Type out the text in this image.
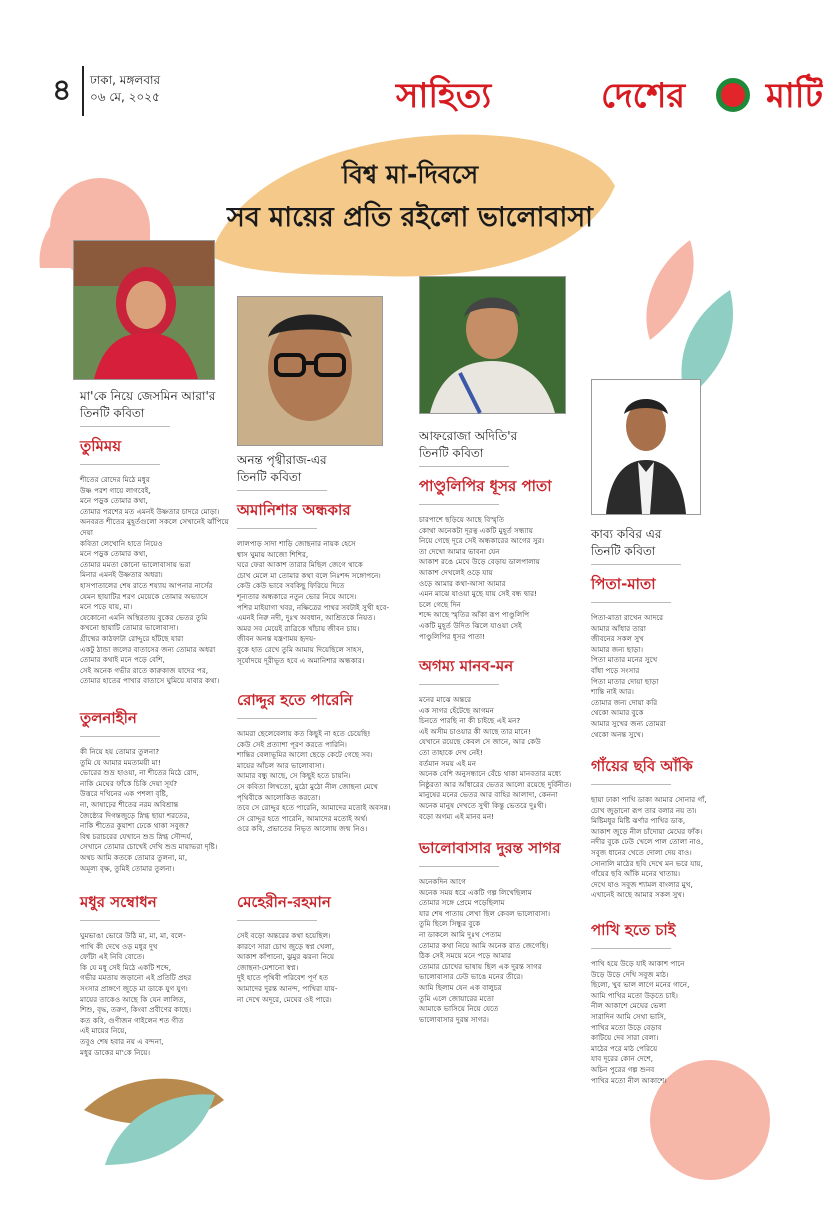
৪ ঢাকা, মঙ্গলবার
০৬ মে, ২০২৫	সাহিত্য	দেশের মাটি
বিশ্ব মা-দিবসে
সব মায়ের প্রতি রইলো ভালোবাসা
মা'কে নিয়ে জেসমিন আরা'র
তিনটি কবিতা
তুমিময়
শীতের রোদের মিঠে মধুর
উষ্ণ পরশ গায়ে লাগবেই,
মনে পড়ুক তোমার কথা,
তোমার পরশের মত এমনই উষ্ণতার চাদরে মোড়া।
অনবরত শীতের মুহূর্তগুলো সকলে সেখানেই ঝাঁপিয়ে দেয়া
কবিতা লেখোনি হাতে নিয়েও
মনে পড়ুক তোমার কথা,
তোমার মমতা কোনো ভালোবাসায় ভরা
মিনার এমনই উষ্ণতার অধরা।
হাসপাতালের শেষ রাতে শয্যায় আপনার নার্সের
যেমন ছায়াটির শরণ মেয়েকে তোমার অভ্যাসে
মনে পড়ে যায়, মা।
যেকোনো এমনি অস্থিরতায় বুকের ভেতর তুমি
কখনো ছায়াটি তোমার ভালোবাসা।
গ্রীষ্মের কাঠফাটা রোদ্দুরে হাঁটছে যারা
একটু ঠান্ডা জলের বাতাসের জন্য তোমার অধরা
তোমার কথাই মনে পড়ে বেশি,
সেই অনেক গভীর রাতে কারুকাজ যাদের পর,
তোমার হাতের পাখার বাতাসে ঘুমিয়ে যাবার কথা।
তুলনাহীন
কী নিয়ে হয় তোমার তুলনা?
তুমি যে আমার মমতাময়ী মা!
ভোরের শুভ্র হাওয়া, না শীতের মিঠে রোদ,
নাকি মেঘের ফাঁকে চিকি দেয়া সূর্য?
উত্তরে দখিনের এক পশলা বৃষ্টি,
না, আষাঢ়ের শীতের নরম অবিশ্রান্ত
জৈষ্ঠ্যের দিগন্তজুড়ে স্নিগ্ধ ছায়া শরতের,
নাকি শীতের কুয়াশা ঢেকে থাকা সবুজ?
বিশ্ব চরাচরের যেখানে শুভ্র স্নিগ্ধ সৌন্দর্য,
সেখানে তোমার চোখেই দেখি শুভ্র মায়াভরা দৃষ্টি।
অথচ আমি কতকে তোমার তুলনা, মা,
অমূল্য বৃক্ষ, তুমিই তোমার তুলনা।
মধুর সম্বোধন
ঘুমভাঙা ভোরে উঠি মা, মা, মা, বলে-
পাখি কী দেখে ওড় মধুর দুখ
ফোঁটা এই নিবি বোতে।
কি যে মধু সেই মিঠে একটি শব্দে,
গভীর মমতায় জড়ানো এই প্রতিটি প্রহর
সংসার প্রাঙ্গণে জুড়ে মা ডাকে যুগ যুগ।
মায়ের তাকেও আছে কি যেন লালিত,
শিশু, বৃদ্ধ, তরুণ, কিংবা প্রবীণের কাছে।
কত কবি, গুণীজন গাইলেন শত গীত
এই মায়ের নিয়ে,
তবুও শেষ হবার নয় এ বন্দনা,
মধুর ডাকের মা'কে নিয়ে।
অনন্ত পৃথ্বীরাজ-এর
তিনটি কবিতা
অমানিশার অন্ধকার
লালপাড় সাদা শাড়ি জোছনার নায়ক হেসে
শ্বাস ঘুমায় আজো শিশির,
ঘরে ফেরা আকাশ তারার মিছিল জেগে থাকে
চোখ মেলে মা তোমার কথা বলে নিঃশব্দ সঙ্গোপনে।
কেউ কেউ ভাবে সবকিছু ফিরিয়ে দিতে
শূন্যতার অন্ধকারে নতুন ভোর নিয়ে আসে।
পশির মাইয়াগা খবর, নক্ষিত্রের পাথর সবটাই সুখী হবে-
এমনই নিরু নদী, দুঃখ অবধান, আশ্রিতকে নিয়ত।
অমর সব মেয়েই রাত্রিকে খাঁচায় জীবন চায়।
জীবন অনন্ত যন্ত্রণাময় হৃদয়-
বুকে হাত রেখে তুমি আমায় দিয়েছিলে সাহস,
সূর্যোদয়ে দূরীভূত হবে এ অমানিশার অন্ধকার।
রোদ্দুর হতে পারেনি
আমরা ছেলেবেলায় কত কিছুই না হতে চেয়েছি!
কেউ সেই প্রত্যাশা পূরণ করতে পারিনি।
শান্তির বেলাভূমির আলো ছেড়ে কেটে গেছে সব।
মায়ের আঁচল আর ভালোবাসা।
আমার বন্ধু আছে, সে কিছুই হতে চায়নি।
সে কবিতা লিখতো, মুঠো মুঠো নীল জোছনা মেখে
পৃথিবীকে আলোকিত করতো।
তবে সে রোদ্দুর হতে পারেনি, আমাদের মতোই অবসন্ন।
সে রোদ্দুর হতে পারেনি, আমাদের মতোই অর্থ।
ওরে কবি, প্রভাতের নিভৃত আলোয় জন্ম নিও।
মেহেরীন-রহমান
সেই বড়ো অন্তরের কথা হয়েছিল।
কারণে সারা চোখ জুড়ে স্বপ্ন খেলা,
আকাশ কাঁপানো, ঝুমুর ঝরনা নিয়ে
জোছনা-মেশানো স্বপ্ন।
দুই হাতে পৃথিবী পরিবেশ পূর্ণ হত
আমাদের দুরন্ত আনন্দ, পাখিরা যায়-
না দেখে অদূরে, মেঘের ওই পারে।
আফরোজা অদিতি'র
তিনটি কবিতা
পাণ্ডুলিপির ধূসর পাতা
চারপাশে ছড়িয়ে আছে বিস্মৃতি
কোথা অনেকটা দূরত্ব একটি মুহূর্ত সন্ধ্যায়
নিয়ে গেছে দূরে সেই অন্ধকারের আগের সুর।
তা দেখো আমার ভাবনা যেন
আকাশ রঙে মেঘে উড়ে বেড়ায় ডালপালায়
আকাশ দেখলেই ওড়ে যায়
ওড়ে আমার কথা-আসা আমার
এমন মাঝে যাওয়া মুছে যায় সেই বন্ধ দ্বার!
চলে গেছে দিন
শব্দে আছে স্মৃতির আঁকা রূপ পাণ্ডুলিপি
একটি মুহূর্ত উদিত ঝিলে যাওয়া সেই
পাণ্ডুলিপির ধূসর পাতা!
অগম্য মানব-মন
মনের মাঝে অন্তরে
এক সাগর হেঁটেছে আগমন
চিনতে পারছি না কী চাইছে এই মন?
এই অসীম চাওয়ার কী আছে তার মানে!
যেখানে রয়েছে কেবল সে জানে, আর কেউ
তো তাহাকে দেখ নেই!
বর্তমান সময় এই মন
অনেক বেশি অনুসন্ধানে বেঁচে থাকা মানবতার মধ্যে
নিষ্ঠুরতা আর আঁধারের ভেতর আলো রয়েছে দুর্বিনীত।
মানুষের মনের ভেতর আর বাহির আলাদা, কেননা
অনেক মানুষ দেখতে সুখী কিন্তু ভেতরে দুঃখী।
বড়ো অগম্য এই মানব মন!
ভালোবাসার দুরন্ত সাগর
অনেকদিন আগে
অনেক সময় ধরে একটি গল্প লিখেছিলাম
তোমার সঙ্গে প্রেমে পড়েছিলাম
যার শেষ পাতায় লেখা ছিল কেবল ভালোবাসা।
তুমি ছিলে সিন্ধুর বুকে
না ডাকলে আমি দুঃখ পেতাম
তোমার কথা নিয়ে আমি অনেক রাত জেগেছি।
ঠিক সেই সময়ে মনে পড়ে আমার
তোমার চোখের ভাষায় ছিল এক দুরন্ত সাগর
ভালোবাসার ঢেউ ভাঙে মনের তীরে।
আমি ছিলাম যেন এক বালুচর
তুমি এলে জোয়ারের মতো
আমাকে ভাসিয়ে নিয়ে যেতে
ভালোবাসার দুরন্ত সাগর।
কাব্য কবির এর
তিনটি কবিতা
পিতা-মাতা
পিতা-মাতা রাখেন আদরে
আমার আঁধার তারা
জীবনের সকল সুখ
আমার জন্য ছাড়া।
পিতা মাতার মনের সুখে
বাঁধা পড়ে সংসার
পিতা মাতার দোয়া ছাড়া
শান্তি নাই আর।
তোমার জন্য দোয়া করি
থেকো আমার বুকে
আমার সুখের জন্য তোমরা
থেকো অনন্ত সুখে।
গাঁয়ের ছবি আঁকি
ছায়া ঢাকা পাখি ডাকা আমার সোনার গাঁ,
চোখ জুড়ানো রূপ তার বলার নয় তা।
মিষ্টিমধুর মিষ্টি ঝর্ণার পাখির ডাক,
আকাশ জুড়ে নীল চাঁদোয়া মেঘের ফাঁক।
নদীর বুকে ঢেউ খেলে পাল তোলা নাও,
সবুজ ধানের খেতে দোলা দেয় বাও।
সোনালি মাঠের ছবি দেখে মন ভরে যায়,
গাঁয়ের ছবি আঁকি মনের খাতায়।
দেখে যাও সবুজ শ্যামল বাংলার মুখ,
এখানেই আছে আমার সকল সুখ।
পাখি হতে চাই
পাখি হয়ে উড়ে যাই আকাশ পানে
উড়ে উড়ে দেখি সবুজ মাঠ।
ছিলো, খুব ভাল লাগে মনের গানে,
আমি পাখির মতো উড়তে চাই।
নীল আকাশে মেঘের ভেলা
সারাদিন আমি সেথা ভাসি,
পাখির মতো উড়ে বেড়াব
কাটিয়ে দেব সারা বেলা।
মাঠের পরে মাঠ পেরিয়ে
যাব দূরের কোন দেশে,
অচিন পুরের গল্প শুনব
পাখির মতো নীল আকাশে।
